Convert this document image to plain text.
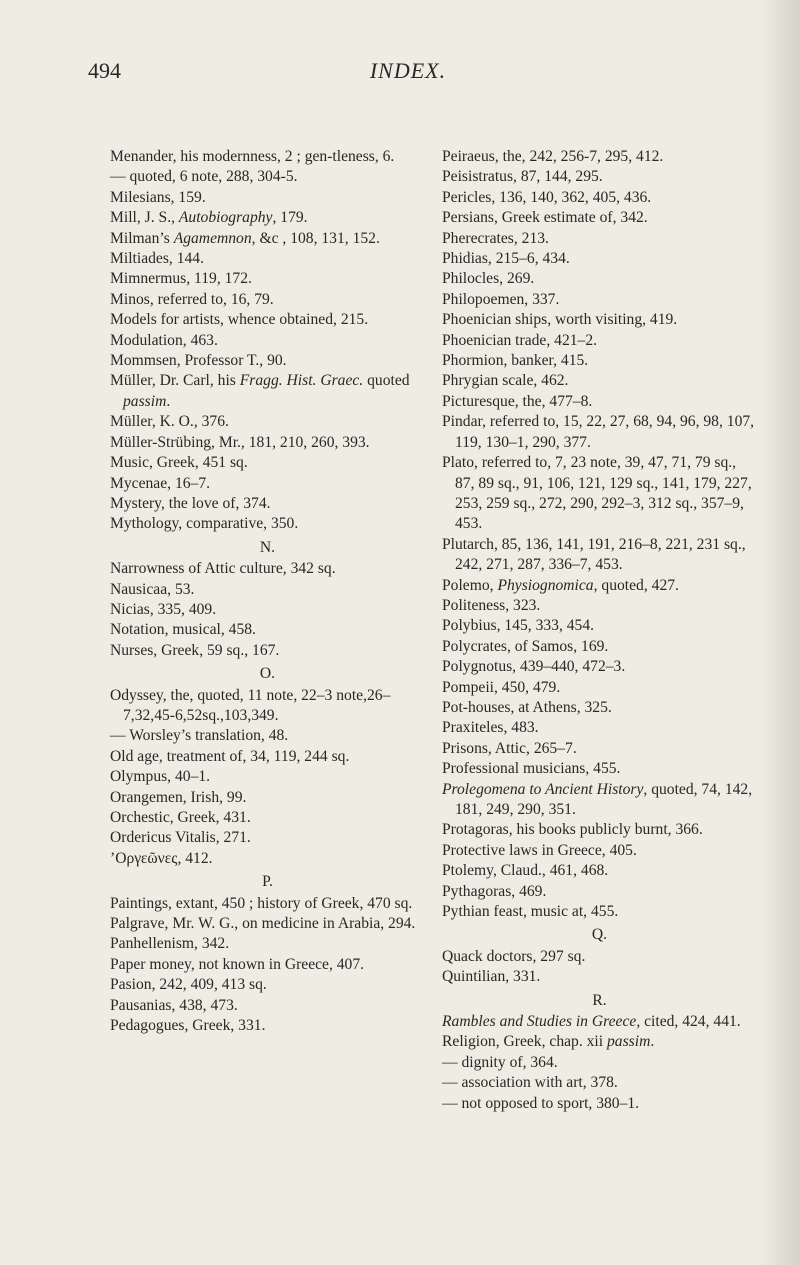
494	INDEX.
Menander, his modernness, 2 ; gen-tleness, 6.
— quoted, 6 note, 288, 304-5.
Milesians, 159.
Mill, J. S., Autobiography, 179.
Milman’s Agamemnon, &c , 108, 131, 152.
Miltiades, 144.
Mimnermus, 119, 172.
Minos, referred to, 16, 79.
Models for artists, whence obtained, 215.
Modulation, 463.
Mommsen, Professor T., 90.
Müller, Dr. Carl, his Fragg. Hist. Graec. quoted passim.
Müller, K. O., 376.
Müller-Strübing, Mr., 181, 210, 260, 393.
Music, Greek, 451 sq.
Mycenae, 16–7.
Mystery, the love of, 374.
Mythology, comparative, 350.
N.
Narrowness of Attic culture, 342 sq.
Nausicaa, 53.
Nicias, 335, 409.
Notation, musical, 458.
Nurses, Greek, 59 sq., 167.
O.
Odyssey, the, quoted, 11 note, 22–3 note,26–7,32,45-6,52sq.,103,349.
— Worsley’s translation, 48.
Old age, treatment of, 34, 119, 244 sq.
Olympus, 40–1.
Orangemen, Irish, 99.
Orchestic, Greek, 431.
Ordericus Vitalis, 271.
’Οργεῶνες, 412.
P.
Paintings, extant, 450 ; history of Greek, 470 sq.
Palgrave, Mr. W. G., on medicine in Arabia, 294.
Panhellenism, 342.
Paper money, not known in Greece, 407.
Pasion, 242, 409, 413 sq.
Pausanias, 438, 473.
Pedagogues, Greek, 331.
Peiraeus, the, 242, 256-7, 295, 412.
Peisistratus, 87, 144, 295.
Pericles, 136, 140, 362, 405, 436.
Persians, Greek estimate of, 342.
Pherecrates, 213.
Phidias, 215–6, 434.
Philocles, 269.
Philopoemen, 337.
Phoenician ships, worth visiting, 419.
Phoenician trade, 421–2.
Phormion, banker, 415.
Phrygian scale, 462.
Picturesque, the, 477–8.
Pindar, referred to, 15, 22, 27, 68, 94, 96, 98, 107, 119, 130–1, 290, 377.
Plato, referred to, 7, 23 note, 39, 47, 71, 79 sq., 87, 89 sq., 91, 106, 121, 129 sq., 141, 179, 227, 253, 259 sq., 272, 290, 292–3, 312 sq., 357–9, 453.
Plutarch, 85, 136, 141, 191, 216–8, 221, 231 sq., 242, 271, 287, 336–7, 453.
Polemo, Physiognomica, quoted, 427.
Politeness, 323.
Polybius, 145, 333, 454.
Polycrates, of Samos, 169.
Polygnotus, 439–440, 472–3.
Pompeii, 450, 479.
Pot-houses, at Athens, 325.
Praxiteles, 483.
Prisons, Attic, 265–7.
Professional musicians, 455.
Prolegomena to Ancient History, quoted, 74, 142, 181, 249, 290, 351.
Protagoras, his books publicly burnt, 366.
Protective laws in Greece, 405.
Ptolemy, Claud., 461, 468.
Pythagoras, 469.
Pythian feast, music at, 455.
Q.
Quack doctors, 297 sq.
Quintilian, 331.
R.
Rambles and Studies in Greece, cited, 424, 441.
Religion, Greek, chap. xii passim.
— dignity of, 364.
— association with art, 378.
— not opposed to sport, 380–1.
